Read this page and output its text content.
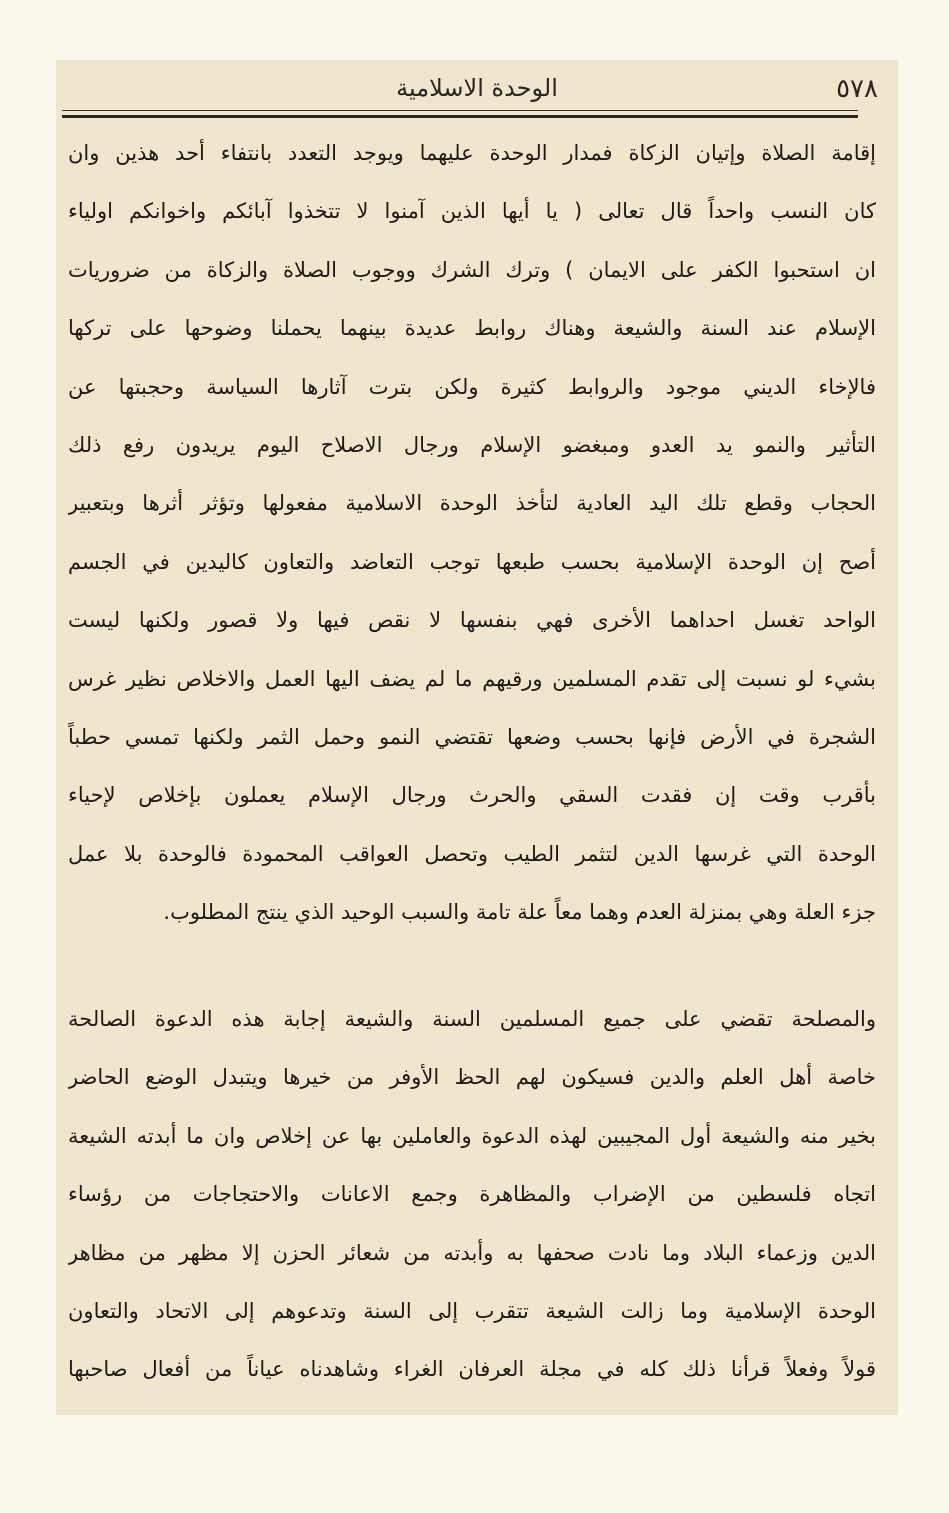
٥٧٨
الوحدة الاسلامية
إقامة الصلاة وإتيان الزكاة فمدار الوحدة عليهما ويوجد التعدد بانتفاء أحد هذين وان
كان النسب واحداً قال تعالى ( يا أيها الذين آمنوا لا تتخذوا آبائكم واخوانكم اولياء
ان استحبوا الكفر على الايمان ) وترك الشرك ووجوب الصلاة والزكاة من ضروريات
الإسلام عند السنة والشيعة وهناك روابط عديدة بينهما يحملنا وضوحها على تركها
فالإخاء الديني موجود والروابط كثيرة ولكن بترت آثارها السياسة وحجبتها عن
التأثير والنمو يد العدو ومبغضو الإسلام ورجال الاصلاح اليوم يريدون رفع ذلك
الحجاب وقطع تلك اليد العادية لتأخذ الوحدة الاسلامية مفعولها وتؤثر أثرها وبتعبير
أصح إن الوحدة الإسلامية بحسب طبعها توجب التعاضد والتعاون كاليدين في الجسم
الواحد تغسل احداهما الأخرى فهي بنفسها لا نقص فيها ولا قصور ولكنها ليست
بشيء لو نسبت إلى تقدم المسلمين ورقيهم ما لم يضف اليها العمل والاخلاص نظير غرس
الشجرة في الأرض فإنها بحسب وضعها تقتضي النمو وحمل الثمر ولكنها تمسي حطباً
بأقرب وقت إن فقدت السقي والحرث ورجال الإسلام يعملون بإخلاص لإحياء
الوحدة التي غرسها الدين لتثمر الطيب وتحصل العواقب المحمودة فالوحدة بلا عمل
جزء العلة وهي بمنزلة العدم وهما معاً علة تامة والسبب الوحيد الذي ينتج المطلوب.
والمصلحة تقضي على جميع المسلمين السنة والشيعة إجابة هذه الدعوة الصالحة
خاصة أهل العلم والدين فسيكون لهم الحظ الأوفر من خيرها ويتبدل الوضع الحاضر
بخير منه والشيعة أول المجيبين لهذه الدعوة والعاملين بها عن إخلاص وان ما أبدته الشيعة
اتجاه فلسطين من الإضراب والمظاهرة وجمع الاعانات والاحتجاجات من رؤساء
الدين وزعماء البلاد وما نادت صحفها به وأبدته من شعائر الحزن إلا مظهر من مظاهر
الوحدة الإسلامية وما زالت الشيعة تتقرب إلى السنة وتدعوهم إلى الاتحاد والتعاون
قولاً وفعلاً قرأنا ذلك كله في مجلة العرفان الغراء وشاهدناه عياناً من أفعال صاحبها
